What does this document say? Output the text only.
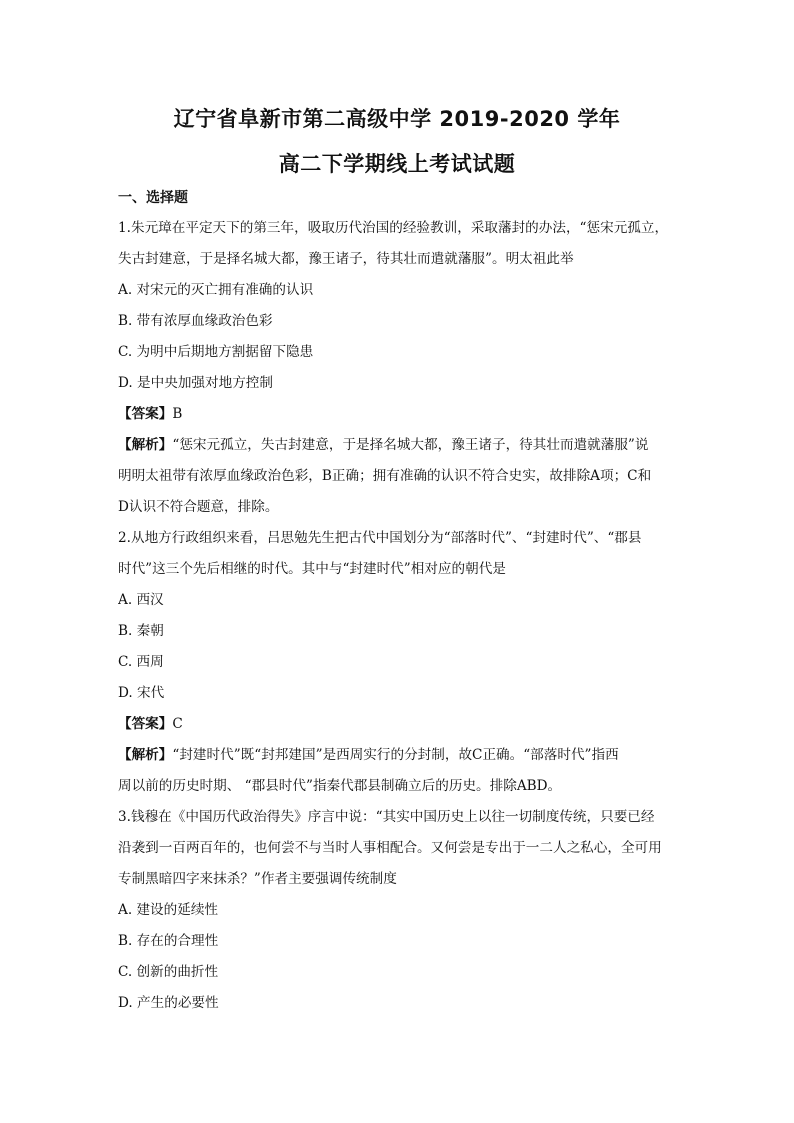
辽宁省阜新市第二高级中学 2019-2020 学年
高二下学期线上考试试题
一、选择题
1.朱元璋在平定天下的第三年，吸取历代治国的经验教训，采取藩封的办法，“惩宋元孤立，
失古封建意，于是择名城大都，豫王诸子，待其壮而遣就藩服”。明太祖此举
A. 对宋元的灭亡拥有准确的认识
B. 带有浓厚血缘政治色彩
C. 为明中后期地方割据留下隐患
D. 是中央加强对地方控制
【答案】B
【解析】“惩宋元孤立，失古封建意，于是择名城大都，豫王诸子，待其壮而遣就藩服”说
明明太祖带有浓厚血缘政治色彩，B正确；拥有准确的认识不符合史实，故排除A项；C和
D认识不符合题意，排除。
2.从地方行政组织来看，吕思勉先生把古代中国划分为“部落时代”、“封建时代”、“郡县
时代”这三个先后相继的时代。其中与“封建时代”相对应的朝代是
A. 西汉
B. 秦朝
C. 西周
D. 宋代
【答案】C
【解析】“封建时代”既“封邦建国”是西周实行的分封制，故C正确。“部落时代”指西
周以前的历史时期、 “郡县时代”指秦代郡县制确立后的历史。排除ABD。
3.钱穆在《中国历代政治得失》序言中说：“其实中国历史上以往一切制度传统，只要已经
沿袭到一百两百年的，也何尝不与当时人事相配合。又何尝是专出于一二人之私心，全可用
专制黑暗四字来抹杀？”作者主要强调传统制度
A. 建设的延续性
B. 存在的合理性
C. 创新的曲折性
D. 产生的必要性
